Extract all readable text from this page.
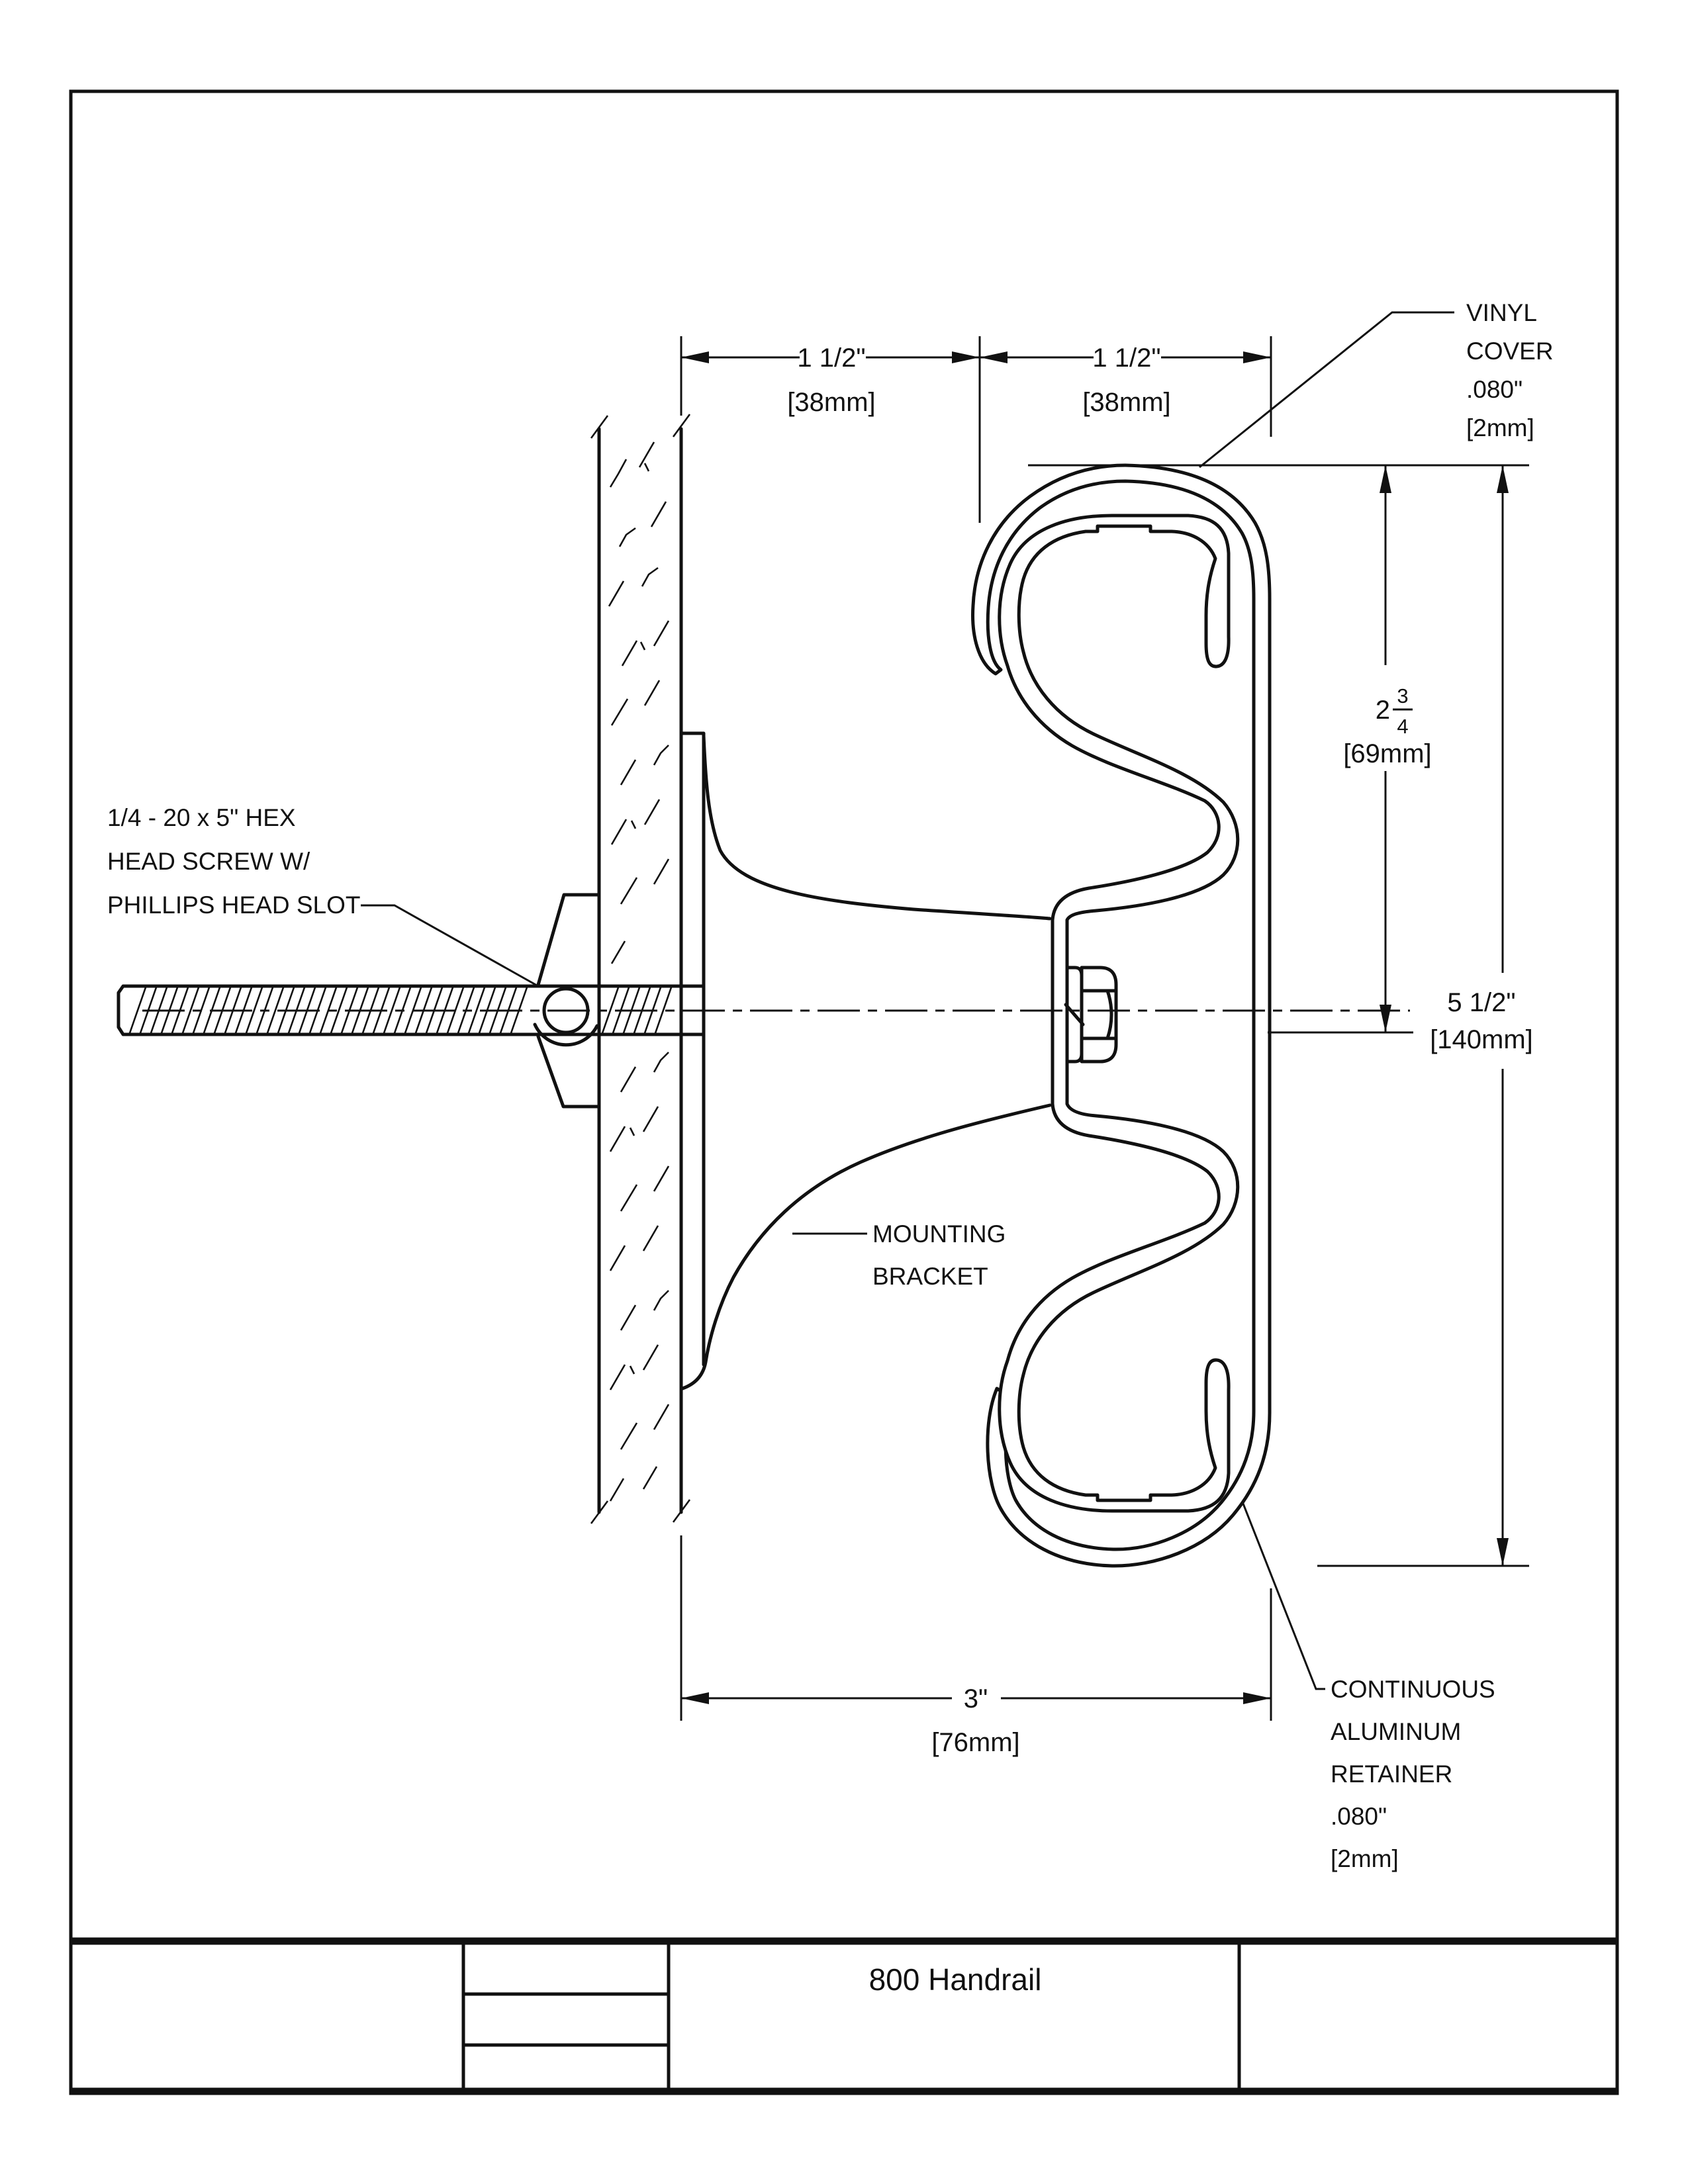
1 1/2"
[38mm]
1 1/2"
[38mm]
2 3
4
[69mm]
5 1/2"
[140mm]
3"
[76mm]
VINYL
COVER
.080"
[2mm]
1/4 - 20 x 5" HEX
HEAD SCREW W/
PHILLIPS HEAD SLOT
MOUNTING
BRACKET
CONTINUOUS
ALUMINUM
RETAINER
.080"
[2mm]
800 Handrail
